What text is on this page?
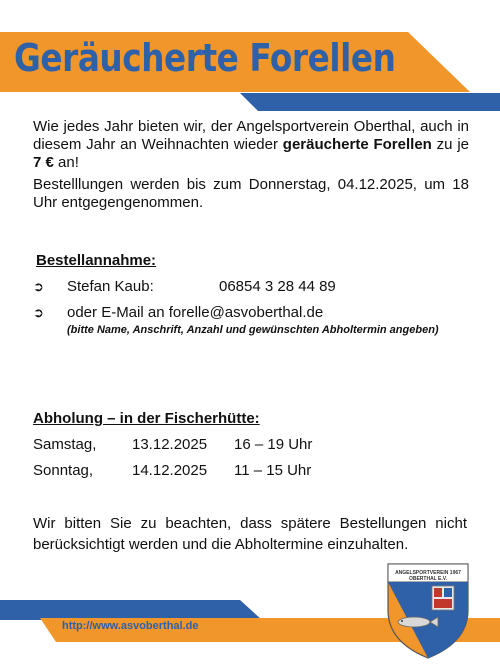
Geräucherte Forellen

Wie jedes Jahr bieten wir, der Angelsportverein Oberthal, auch in diesem Jahr an Weihnachten wieder geräucherte Forellen zu je 7 € an!

Bestelllungen werden bis zum Donnerstag, 04.12.2025, um 18 Uhr entgegengenommen.

Bestellannahme:
➲ Stefan Kaub:	06854 3 28 44 89
➲ oder E-Mail an forelle@asvoberthal.de
(bitte Name, Anschrift, Anzahl und gewünschten Abholtermin angeben)
Abholung – in der Fischerhütte:
Samstag, 13.12.2025 16 – 19 Uhr
Sonntag,	14.12.2025 11 – 15 Uhr
Wir bitten Sie zu beachten, dass spätere Bestellungen nicht berücksichtigt werden und die Abholtermine einzuhalten.
http://www.asvoberthal.de
ANGELSPORTVEREIN 1967
OBERTHAL E.V.
